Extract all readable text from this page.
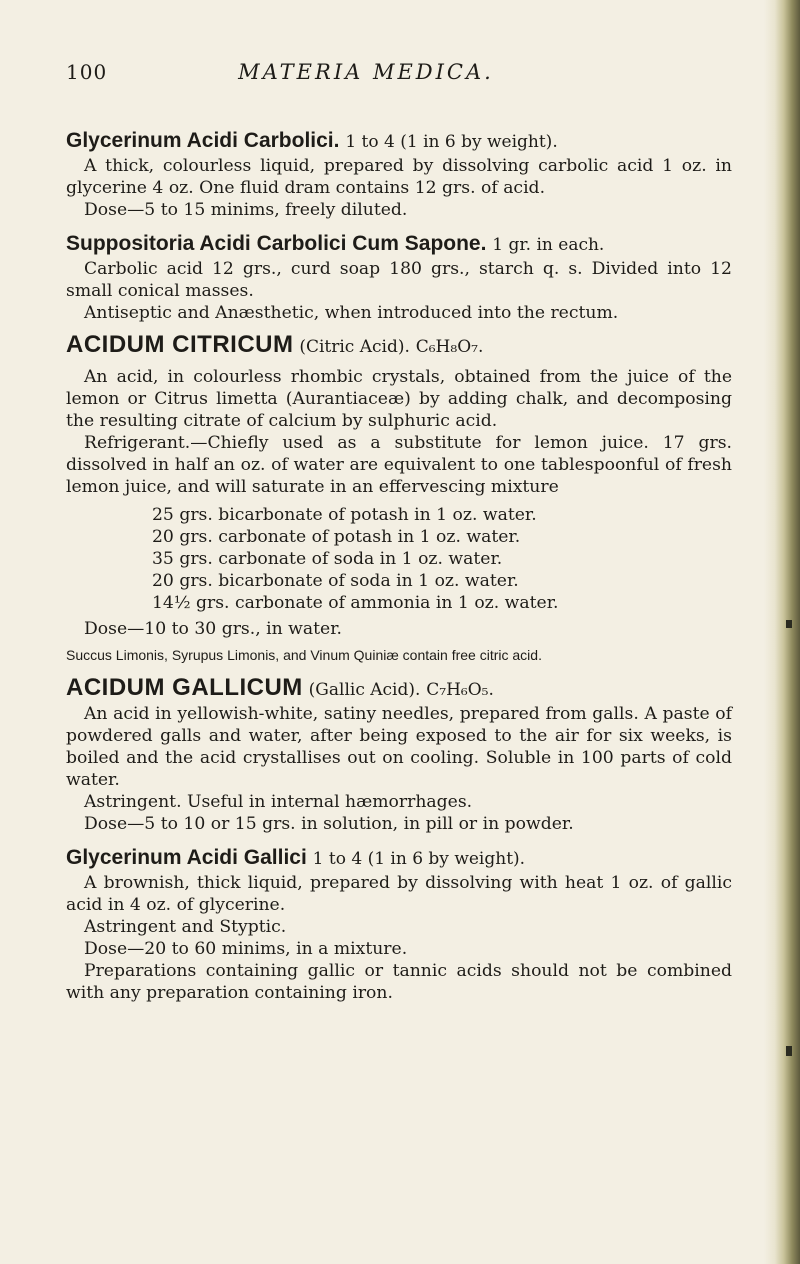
100	MATERIA MEDICA.
Glycerinum Acidi Carbolici. 1 to 4 (1 in 6 by weight).

A thick, colourless liquid, prepared by dissolving carbolic acid 1 oz. in glycerine 4 oz. One fluid dram contains 12 grs. of acid.

Dose—5 to 15 minims, freely diluted.

Suppositoria Acidi Carbolici Cum Sapone. 1 gr. in each.

Carbolic acid 12 grs., curd soap 180 grs., starch q. s. Divided into 12 small conical masses.

Antiseptic and Anæsthetic, when introduced into the rectum.

ACIDUM CITRICUM (Citric Acid). C₆H₈O₇.

An acid, in colourless rhombic crystals, obtained from the juice of the lemon or Citrus limetta (Aurantiaceæ) by adding chalk, and decomposing the resulting citrate of calcium by sulphuric acid.

Refrigerant.—Chiefly used as a substitute for lemon juice. 17 grs. dissolved in half an oz. of water are equivalent to one tablespoonful of fresh lemon juice, and will saturate in an effervescing mixture

25 grs. bicarbonate of potash in 1 oz. water.
20 grs. carbonate of potash in 1 oz. water.
35 grs. carbonate of soda in 1 oz. water.
20 grs. bicarbonate of soda in 1 oz. water.
14½ grs. carbonate of ammonia in 1 oz. water.

Dose—10 to 30 grs., in water.

Succus Limonis, Syrupus Limonis, and Vinum Quiniæ contain free citric acid.

ACIDUM GALLICUM (Gallic Acid). C₇H₆O₅.

An acid in yellowish-white, satiny needles, prepared from galls. A paste of powdered galls and water, after being exposed to the air for six weeks, is boiled and the acid crystallises out on cooling. Soluble in 100 parts of cold water.

Astringent. Useful in internal hæmorrhages.

Dose—5 to 10 or 15 grs. in solution, in pill or in powder.

Glycerinum Acidi Gallici 1 to 4 (1 in 6 by weight).

A brownish, thick liquid, prepared by dissolving with heat 1 oz. of gallic acid in 4 oz. of glycerine.

Astringent and Styptic.

Dose—20 to 60 minims, in a mixture.

Preparations containing gallic or tannic acids should not be combined with any preparation containing iron.
